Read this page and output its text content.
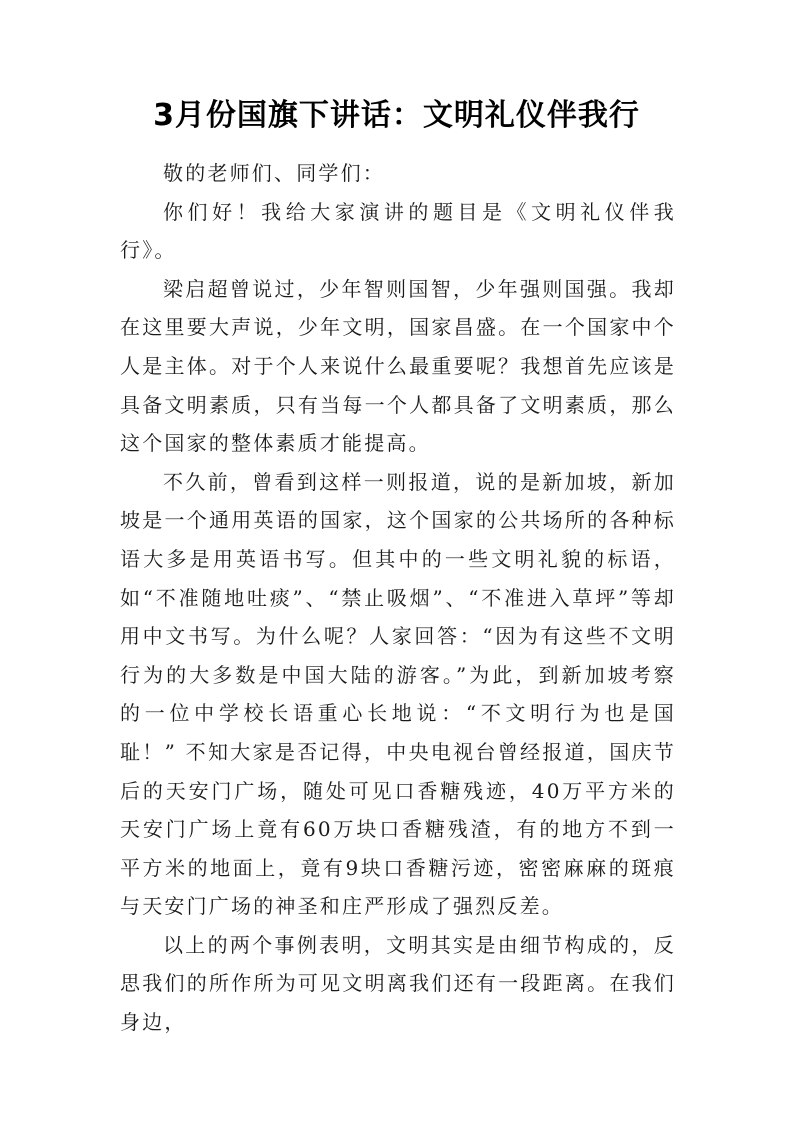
3月份国旗下讲话：文明礼仪伴我行

敬的老师们、同学们：

你们好！我给大家演讲的题目是《文明礼仪伴我行》。

梁启超曾说过，少年智则国智，少年强则国强。我却在这里要大声说，少年文明，国家昌盛。在一个国家中个人是主体。对于个人来说什么最重要呢？我想首先应该是具备文明素质，只有当每一个人都具备了文明素质，那么这个国家的整体素质才能提高。

不久前，曾看到这样一则报道，说的是新加坡，新加坡是一个通用英语的国家，这个国家的公共场所的各种标语大多是用英语书写。但其中的一些文明礼貌的标语，如“不准随地吐痰”、“禁止吸烟”、“不准进入草坪”等却用中文书写。为什么呢？人家回答：“因为有这些不文明行为的大多数是中国大陆的游客。”为此，到新加坡考察的一位中学校长语重心长地说：“不文明行为也是国耻！” 不知大家是否记得，中央电视台曾经报道，国庆节后的天安门广场，随处可见口香糖残迹，40万平方米的天安门广场上竟有60万块口香糖残渣，有的地方不到一平方米的地面上，竟有9块口香糖污迹，密密麻麻的斑痕与天安门广场的神圣和庄严形成了强烈反差。

以上的两个事例表明，文明其实是由细节构成的，反思我们的所作所为可见文明离我们还有一段距离。在我们身边，
